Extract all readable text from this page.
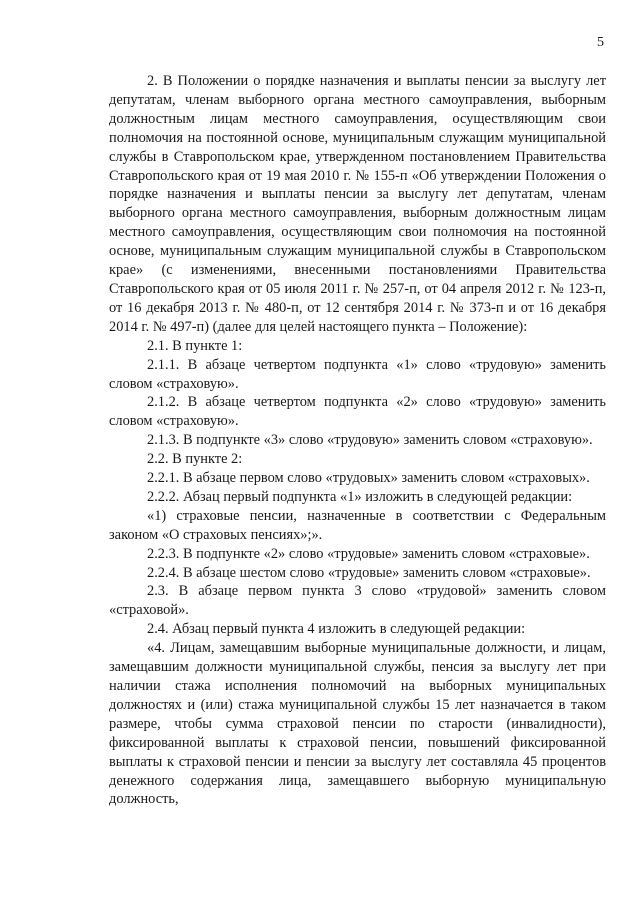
5

2. В Положении о порядке назначения и выплаты пенсии за выслугу лет депутатам, членам выборного органа местного самоуправления, выборным должностным лицам местного самоуправления, осуществляющим свои полномочия на постоянной основе, муниципальным служащим муниципальной службы в Ставропольском крае, утвержденном постановлением Правительства Ставропольского края от 19 мая 2010 г. № 155-п «Об утверждении Положения о порядке назначения и выплаты пенсии за выслугу лет депутатам, членам выборного органа местного самоуправления, выборным должностным лицам местного самоуправления, осуществляющим свои полномочия на постоянной основе, муниципальным служащим муниципальной службы в Ставропольском крае» (с изменениями, внесенными постановлениями Правительства Ставропольского края от 05 июля 2011 г. № 257-п, от 04 апреля 2012 г. № 123-п, от 16 декабря 2013 г. № 480-п, от 12 сентября 2014 г. № 373-п и от 16 декабря 2014 г. № 497-п) (далее для целей настоящего пункта – Положение):

2.1. В пункте 1:

2.1.1. В абзаце четвертом подпункта «1» слово «трудовую» заменить словом «страховую».

2.1.2. В абзаце четвертом подпункта «2» слово «трудовую» заменить словом «страховую».

2.1.3. В подпункте «3» слово «трудовую» заменить словом «страховую».

2.2. В пункте 2:

2.2.1. В абзаце первом слово «трудовых» заменить словом «страховых».

2.2.2. Абзац первый подпункта «1» изложить в следующей редакции:

«1) страховые пенсии, назначенные в соответствии с Федеральным законом «О страховых пенсиях»;».

2.2.3. В подпункте «2» слово «трудовые» заменить словом «страховые».

2.2.4. В абзаце шестом слово «трудовые» заменить словом «страховые».

2.3. В абзаце первом пункта 3 слово «трудовой» заменить словом «страховой».

2.4. Абзац первый пункта 4 изложить в следующей редакции:

«4. Лицам, замещавшим выборные муниципальные должности, и лицам, замещавшим должности муниципальной службы, пенсия за выслугу лет при наличии стажа исполнения полномочий на выборных муниципальных должностях и (или) стажа муниципальной службы 15 лет назначается в таком размере, чтобы сумма страховой пенсии по старости (инвалидности), фиксированной выплаты к страховой пенсии, повышений фиксированной выплаты к страховой пенсии и пенсии за выслугу лет составляла 45 процентов денежного содержания лица, замещавшего выборную муниципальную должность,
